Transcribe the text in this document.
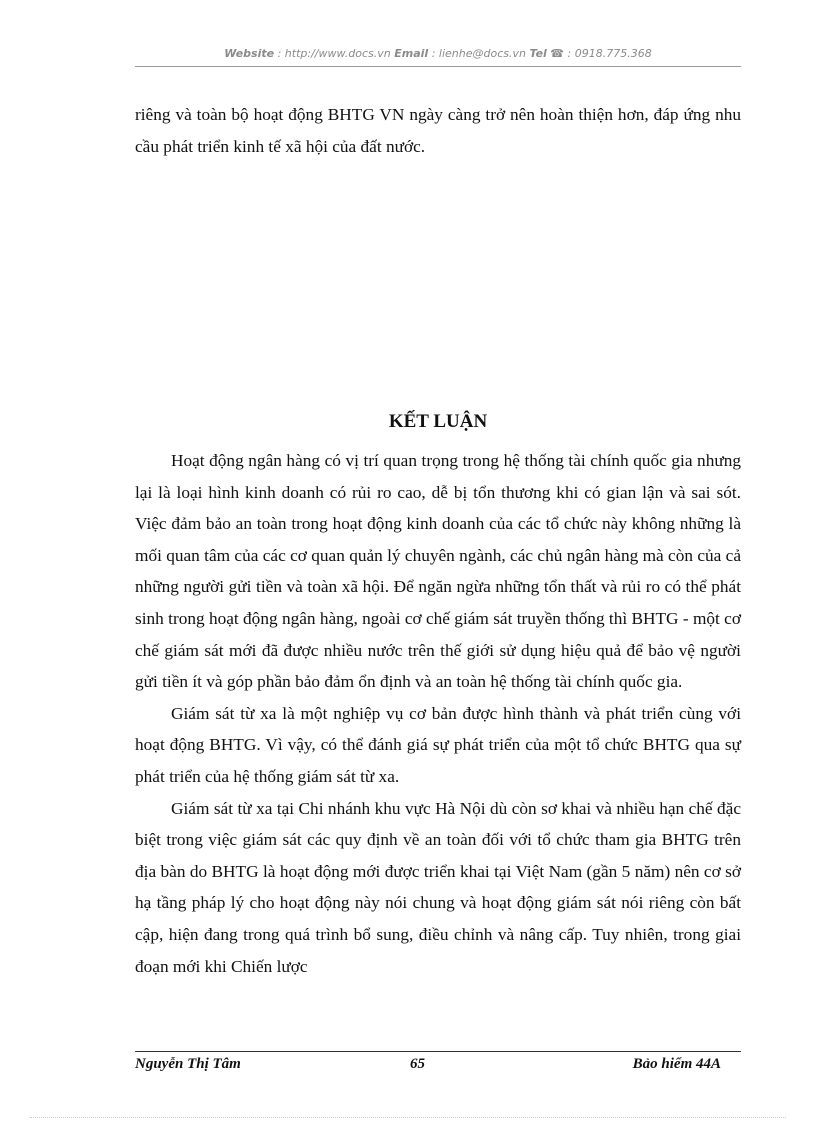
Website : http://www.docs.vn Email : lienhe@docs.vn Tel ☎ : 0918.775.368
riêng và toàn bộ hoạt động BHTG VN ngày càng trở nên hoàn thiện hơn, đáp ứng nhu cầu phát triển kinh tế xã hội của đất nước.
KẾT LUẬN

Hoạt động ngân hàng có vị trí quan trọng trong hệ thống tài chính quốc gia nhưng lại là loại hình kinh doanh có rủi ro cao, dễ bị tổn thương khi có gian lận và sai sót. Việc đảm bảo an toàn trong hoạt động kinh doanh của các tổ chức này không những là mối quan tâm của các cơ quan quản lý chuyên ngành, các chủ ngân hàng mà còn của cả những người gửi tiền và toàn xã hội. Để ngăn ngừa những tổn thất và rủi ro có thể phát sinh trong hoạt động ngân hàng, ngoài cơ chế giám sát truyền thống thì BHTG - một cơ chế giám sát mới đã được nhiều nước trên thế giới sử dụng hiệu quả để bảo vệ người gửi tiền ít và góp phần bảo đảm ổn định và an toàn hệ thống tài chính quốc gia.

Giám sát từ xa là một nghiệp vụ cơ bản được hình thành và phát triển cùng với hoạt động BHTG. Vì vậy, có thể đánh giá sự phát triển của một tổ chức BHTG qua sự phát triển của hệ thống giám sát từ xa.

Giám sát từ xa tại Chi nhánh khu vực Hà Nội dù còn sơ khai và nhiều hạn chế đặc biệt trong việc giám sát các quy định về an toàn đối với tổ chức tham gia BHTG trên địa bàn do BHTG là hoạt động mới được triển khai tại Việt Nam (gần 5 năm) nên cơ sở hạ tầng pháp lý cho hoạt động này nói chung và hoạt động giám sát nói riêng còn bất cập, hiện đang trong quá trình bổ sung, điều chỉnh và nâng cấp. Tuy nhiên, trong giai đoạn mới khi Chiến lược

Nguyễn Thị Tâm	65	Bảo hiểm 44A
